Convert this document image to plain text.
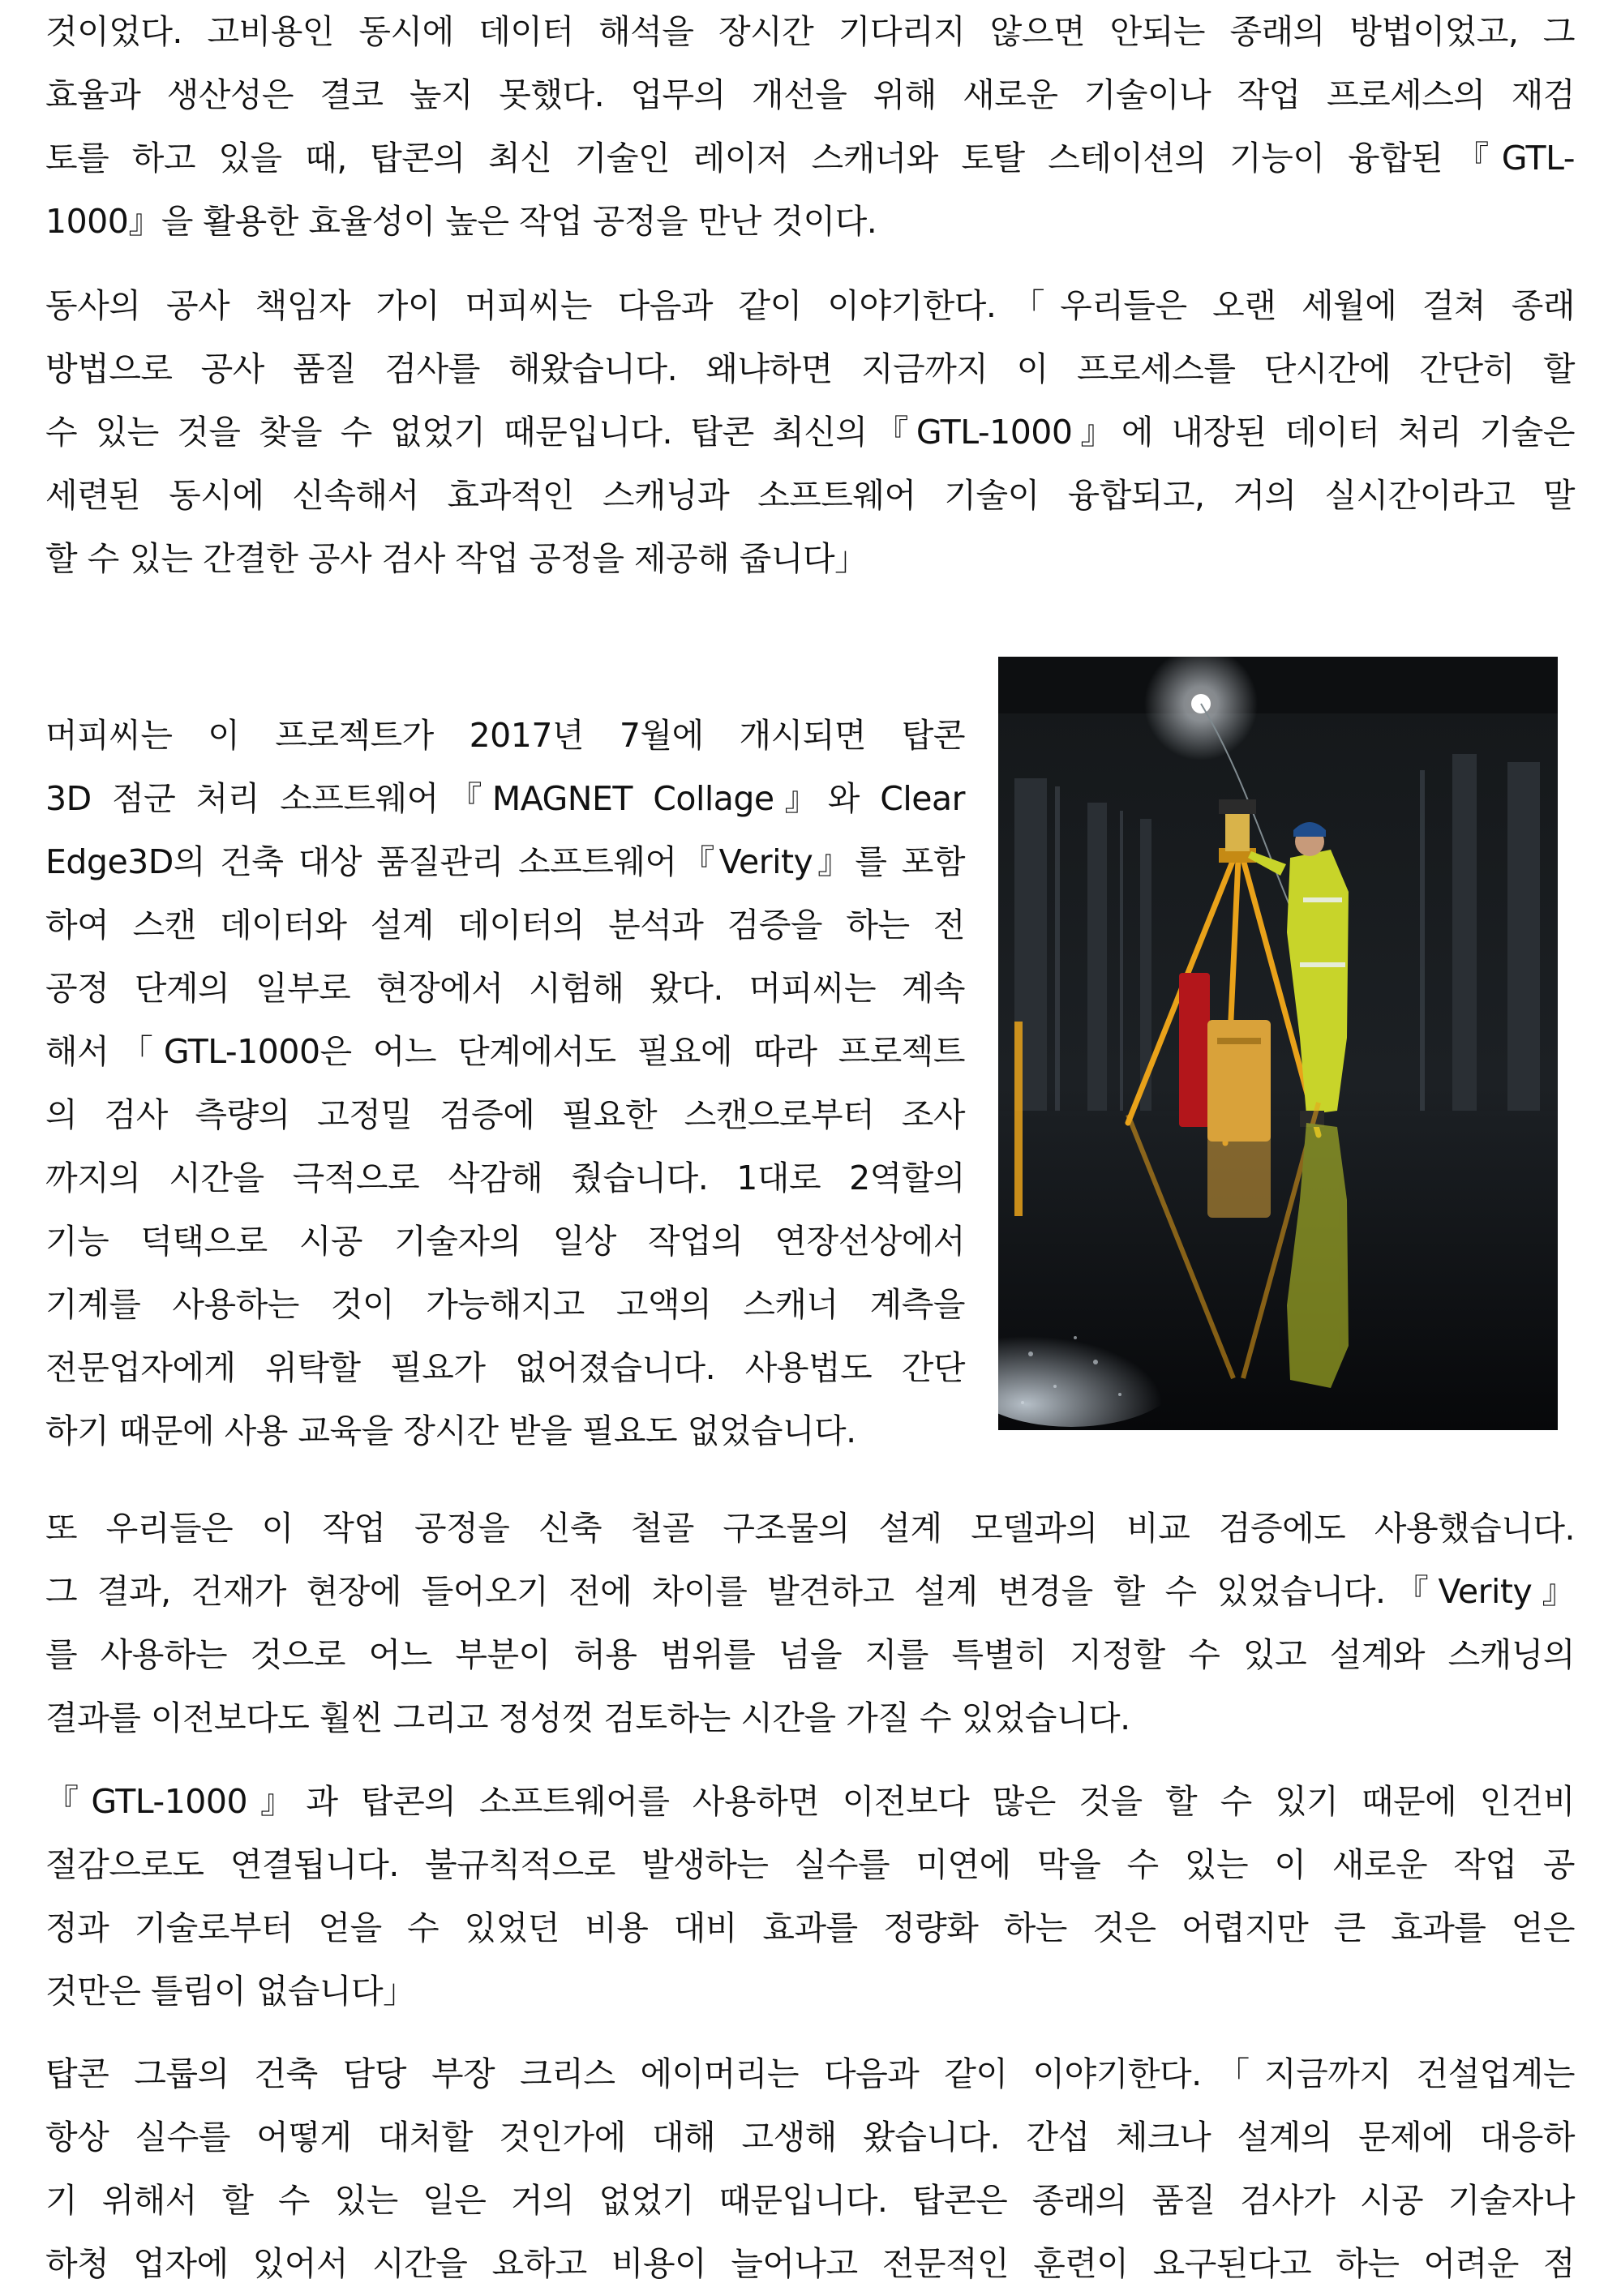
것이었다. 고비용인 동시에 데이터 해석을 장시간 기다리지 않으면 안되는 종래의 방법이었고, 그
효율과 생산성은 결코 높지 못했다. 업무의 개선을 위해 새로운 기술이나 작업 프로세스의 재검
토를 하고 있을 때, 탑콘의 최신 기술인 레이저 스캐너와 토탈 스테이션의 기능이 융합된『GTL-
1000』을 활용한 효율성이 높은 작업 공정을 만난 것이다.
동사의 공사 책임자 가이 머피씨는 다음과 같이 이야기한다.「우리들은 오랜 세월에 걸쳐 종래
방법으로 공사 품질 검사를 해왔습니다. 왜냐하면 지금까지 이 프로세스를 단시간에 간단히 할
수 있는 것을 찾을 수 없었기 때문입니다. 탑콘 최신의『GTL-1000』에 내장된 데이터 처리 기술은
세련된 동시에 신속해서 효과적인 스캐닝과 소프트웨어 기술이 융합되고, 거의 실시간이라고 말
할 수 있는 간결한 공사 검사 작업 공정을 제공해 줍니다」
머피씨는 이 프로젝트가 2017년 7월에 개시되면 탑콘
3D 점군 처리 소프트웨어『MAGNET Collage』와 Clear
Edge3D의 건축 대상 품질관리 소프트웨어『Verity』를 포함
하여 스캔 데이터와 설계 데이터의 분석과 검증을 하는 전
공정 단계의 일부로 현장에서 시험해 왔다. 머피씨는 계속
해서「GTL-1000은 어느 단계에서도 필요에 따라 프로젝트
의 검사 측량의 고정밀 검증에 필요한 스캔으로부터 조사
까지의 시간을 극적으로 삭감해 줬습니다. 1대로 2역할의
기능 덕택으로 시공 기술자의 일상 작업의 연장선상에서
기계를 사용하는 것이 가능해지고 고액의 스캐너 계측을
전문업자에게 위탁할 필요가 없어졌습니다. 사용법도 간단
하기 때문에 사용 교육을 장시간 받을 필요도 없었습니다.
또 우리들은 이 작업 공정을 신축 철골 구조물의 설계 모델과의 비교 검증에도 사용했습니다.
그 결과, 건재가 현장에 들어오기 전에 차이를 발견하고 설계 변경을 할 수 있었습니다.『Verity』
를 사용하는 것으로 어느 부분이 허용 범위를 넘을 지를 특별히 지정할 수 있고 설계와 스캐닝의
결과를 이전보다도 훨씬 그리고 정성껏 검토하는 시간을 가질 수 있었습니다.
『GTL-1000』과 탑콘의 소프트웨어를 사용하면 이전보다 많은 것을 할 수 있기 때문에 인건비
절감으로도 연결됩니다. 불규칙적으로 발생하는 실수를 미연에 막을 수 있는 이 새로운 작업 공
정과 기술로부터 얻을 수 있었던 비용 대비 효과를 정량화 하는 것은 어렵지만 큰 효과를 얻은
것만은 틀림이 없습니다」
탑콘 그룹의 건축 담당 부장 크리스 에이머리는 다음과 같이 이야기한다.「지금까지 건설업계는
항상 실수를 어떻게 대처할 것인가에 대해 고생해 왔습니다. 간섭 체크나 설계의 문제에 대응하
기 위해서 할 수 있는 일은 거의 없었기 때문입니다. 탑콘은 종래의 품질 검사가 시공 기술자나
하청 업자에 있어서 시간을 요하고 비용이 늘어나고 전문적인 훈련이 요구된다고 하는 어려운 점
